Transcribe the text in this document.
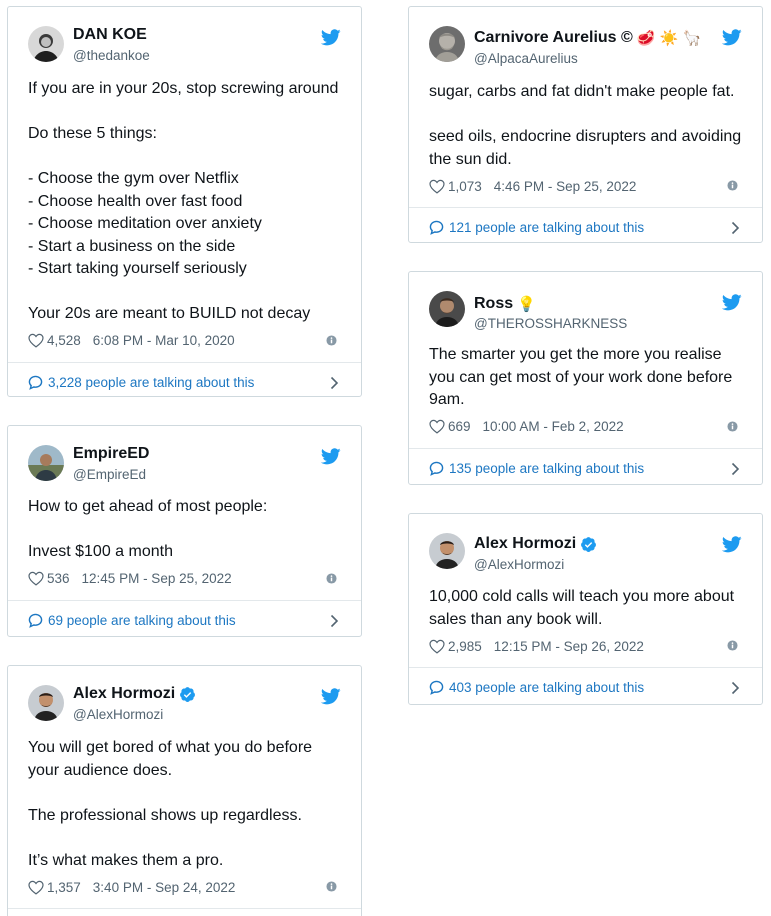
DAN KOE
@thedankoe

If you are in your 20s, stop screwing around

Do these 5 things:

- Choose the gym over Netflix

- Choose health over fast food

- Choose meditation over anxiety

- Start a business on the side

- Start taking yourself seriously

Your 20s are meant to BUILD not decay

4,528 6:08 PM - Mar 10, 2020
3,228 people are talking about this
EmpireED
@EmpireEd

How to get ahead of most people:

Invest $100 a month

536 12:45 PM - Sep 25, 2022
69 people are talking about this
Alex Hormozi
@AlexHormozi

You will get bored of what you do before

your audience does.

The professional shows up regardless.

It’s what makes them a pro.

1,357 3:40 PM - Sep 24, 2022
Carnivore Aurelius © 🥩 ☀️ 🦙
@AlpacaAurelius

sugar, carbs and fat didn't make people fat.

seed oils, endocrine disrupters and avoiding

the sun did.

1,073 4:46 PM - Sep 25, 2022
121 people are talking about this
Ross 💡
@THEROSSHARKNESS

The smarter you get the more you realise

you can get most of your work done before

9am.

669 10:00 AM - Feb 2, 2022
135 people are talking about this
Alex Hormozi
@AlexHormozi

10,000 cold calls will teach you more about

sales than any book will.

2,985 12:15 PM - Sep 26, 2022
403 people are talking about this
